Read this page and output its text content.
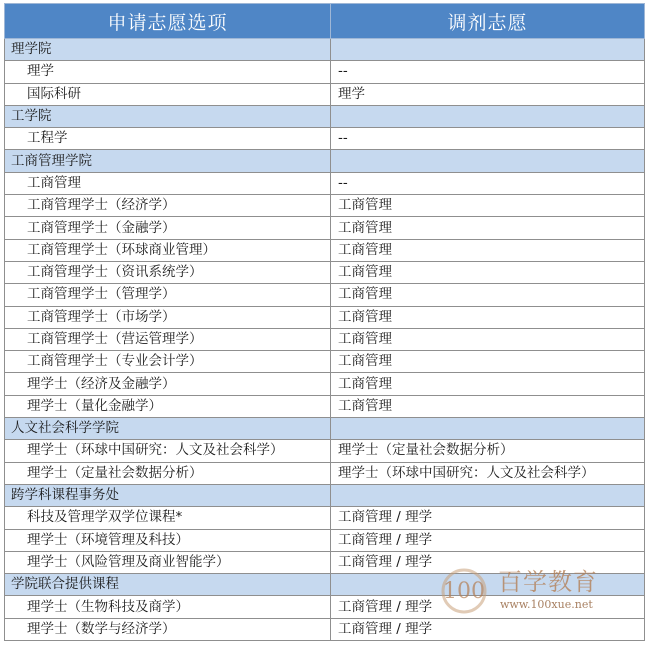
申请志愿选项	调剂志愿
理学院	
理学	--
国际科研	理学
工学院	
工程学	--
工商管理学院	
工商管理	--
工商管理学士（经济学）	工商管理
工商管理学士（金融学）	工商管理
工商管理学士（环球商业管理）	工商管理
工商管理学士（资讯系统学）	工商管理
工商管理学士（管理学）	工商管理
工商管理学士（市场学）	工商管理
工商管理学士（营运管理学）	工商管理
工商管理学士（专业会计学）	工商管理
理学士（经济及金融学）	工商管理
理学士（量化金融学）	工商管理
人文社会科学学院	
理学士（环球中国研究：人文及社会科学）	理学士（定量社会数据分析）
理学士（定量社会数据分析）	理学士（环球中国研究：人文及社会科学）
跨学科课程事务处	
科技及管理学双学位课程*	工商管理 / 理学
理学士（环境管理及科技）	工商管理 / 理学
理学士（风险管理及商业智能学）	工商管理 / 理学
学院联合提供课程	
理学士（生物科技及商学）	工商管理 / 理学
理学士（数学与经济学）	工商管理 / 理学
100 百学教育
www.100xue.net
